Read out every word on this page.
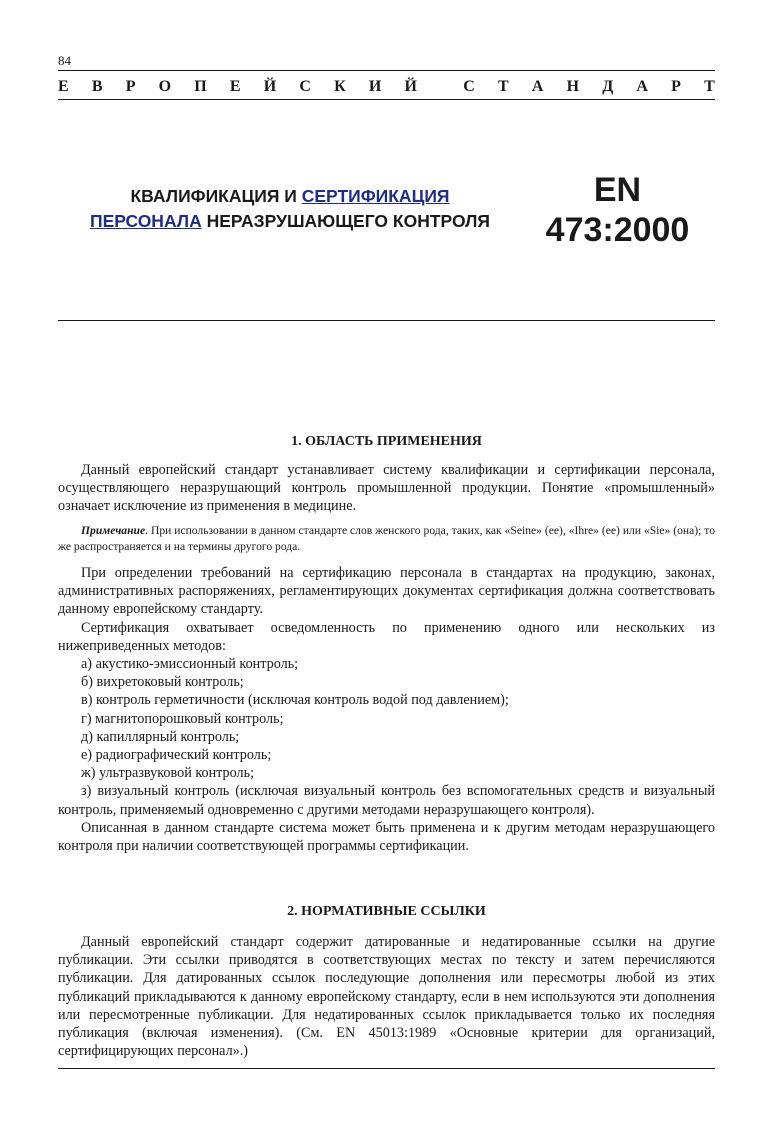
84
Е В Р О П Е Й С К И Й	С Т А Н Д А Р Т
КВАЛИФИКАЦИЯ И СЕРТИФИКАЦИЯ
ПЕРСОНАЛА НЕРАЗРУШАЮЩЕГО КОНТРОЛЯ
EN
473:2000
1. ОБЛАСТЬ ПРИМЕНЕНИЯ

Данный европейский стандарт устанавливает систему квалификации и сертификации персонала, осуществляющего неразрушающий контроль промышленной продукции. Понятие «промышленный» означает исключение из применения в медицине.

Примечание. При использовании в данном стандарте слов женского рода, таких, как «Seine» (ее), «Ihre» (ее) или «Sie» (она); то же распространяется и на термины другого рода.

При определении требований на сертификацию персонала в стандартах на продукцию, законах, административных распоряжениях, регламентирующих документах сертификация должна соответствовать данному европейскому стандарту.

Сертификация охватывает осведомленность по применению одного или нескольких из нижеприведенных методов:

а) акустико-эмиссионный контроль;

б) вихретоковый контроль;

в) контроль герметичности (исключая контроль водой под давлением);

г) магнитопорошковый контроль;

д) капиллярный контроль;

е) радиографический контроль;

ж) ультразвуковой контроль;

з) визуальный контроль (исключая визуальный контроль без вспомогательных средств и визуальный контроль, применяемый одновременно с другими методами неразрушающего контроля).

Описанная в данном стандарте система может быть применена и к другим методам неразрушающего контроля при наличии соответствующей программы сертификации.

2. НОРМАТИВНЫЕ ССЫЛКИ

Данный европейский стандарт содержит датированные и недатированные ссылки на другие публикации. Эти ссылки приводятся в соответствующих местах по тексту и затем перечисляются публикации. Для датированных ссылок последующие дополнения или пересмотры любой из этих публикаций прикладываются к данному европейскому стандарту, если в нем используются эти дополнения или пересмотренные публикации. Для недатированных ссылок прикладывается только их последняя публикация (включая изменения). (См. EN 45013:1989 «Основные критерии для организаций, сертифицирующих персонал».)
